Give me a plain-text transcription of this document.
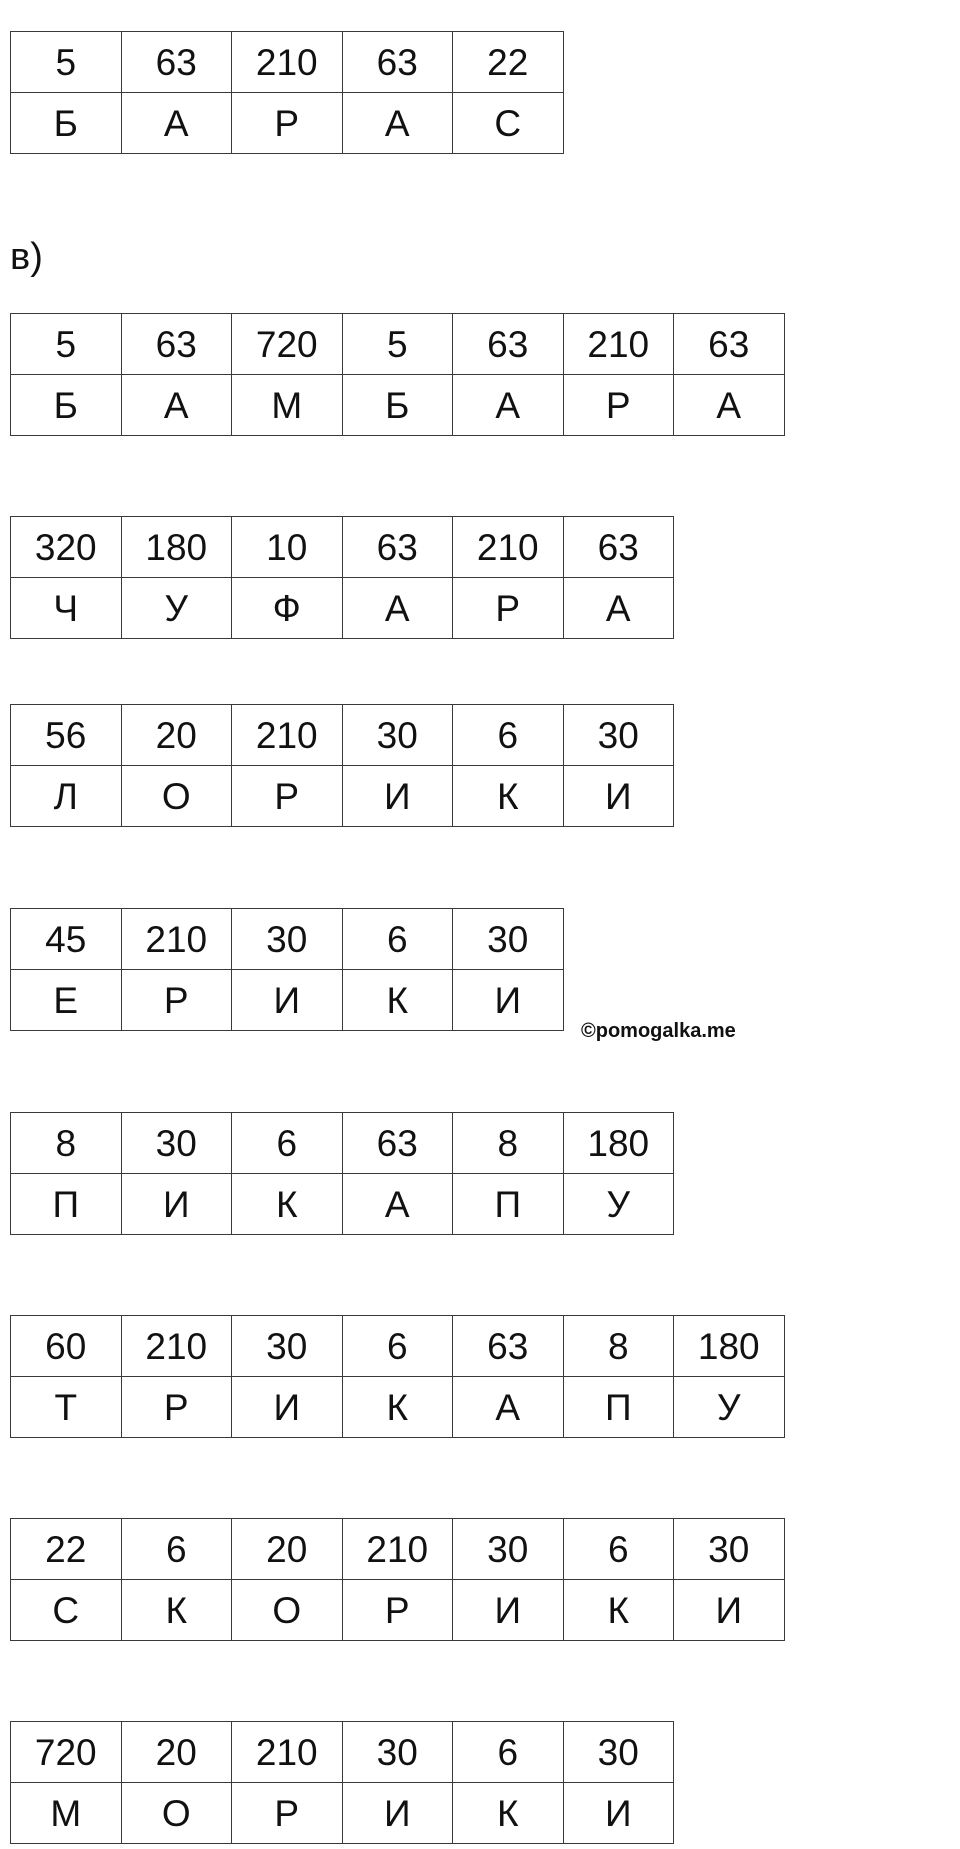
в)
©pomogalka.me
5	63	210	63	22
Б	А	Р	А	С
5	63	720	5	63	210	63
Б	А	М	Б	А	Р	А
320	180	10	63	210	63
Ч	У	Ф	А	Р	А
56	20	210	30	6	30
Л	О	Р	И	К	И
45	210	30	6	30
Е	Р	И	К	И
8	30	6	63	8	180
П	И	К	А	П	У
60	210	30	6	63	8	180
Т	Р	И	К	А	П	У
22	6	20	210	30	6	30
С	К	О	Р	И	К	И
720	20	210	30	6	30
М	О	Р	И	К	И
